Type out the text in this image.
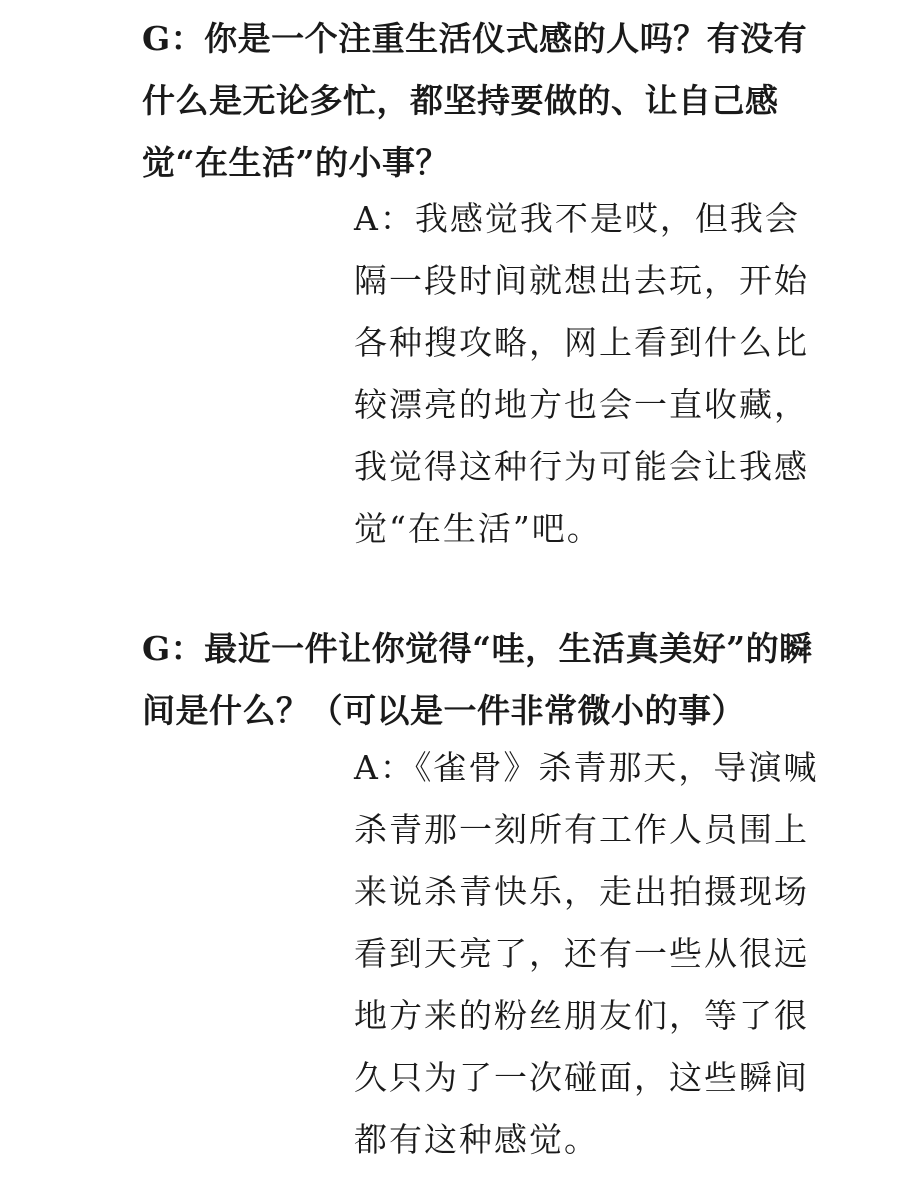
G：你是一个注重生活仪式感的人吗？有没有什么是无论多忙，都坚持要做的、让自己感觉“在生活”的小事？

A：我感觉我不是哎，但我会隔一段时间就想出去玩，开始各种搜攻略，网上看到什么比较漂亮的地方也会一直收藏，我觉得这种行为可能会让我感觉“在生活”吧。

G：最近一件让你觉得“哇，生活真美好”的瞬间是什么？（可以是一件非常微小的事）

A：《雀骨》杀青那天，导演喊杀青那一刻所有工作人员围上来说杀青快乐，走出拍摄现场看到天亮了，还有一些从很远地方来的粉丝朋友们，等了很久只为了一次碰面，这些瞬间都有这种感觉。
